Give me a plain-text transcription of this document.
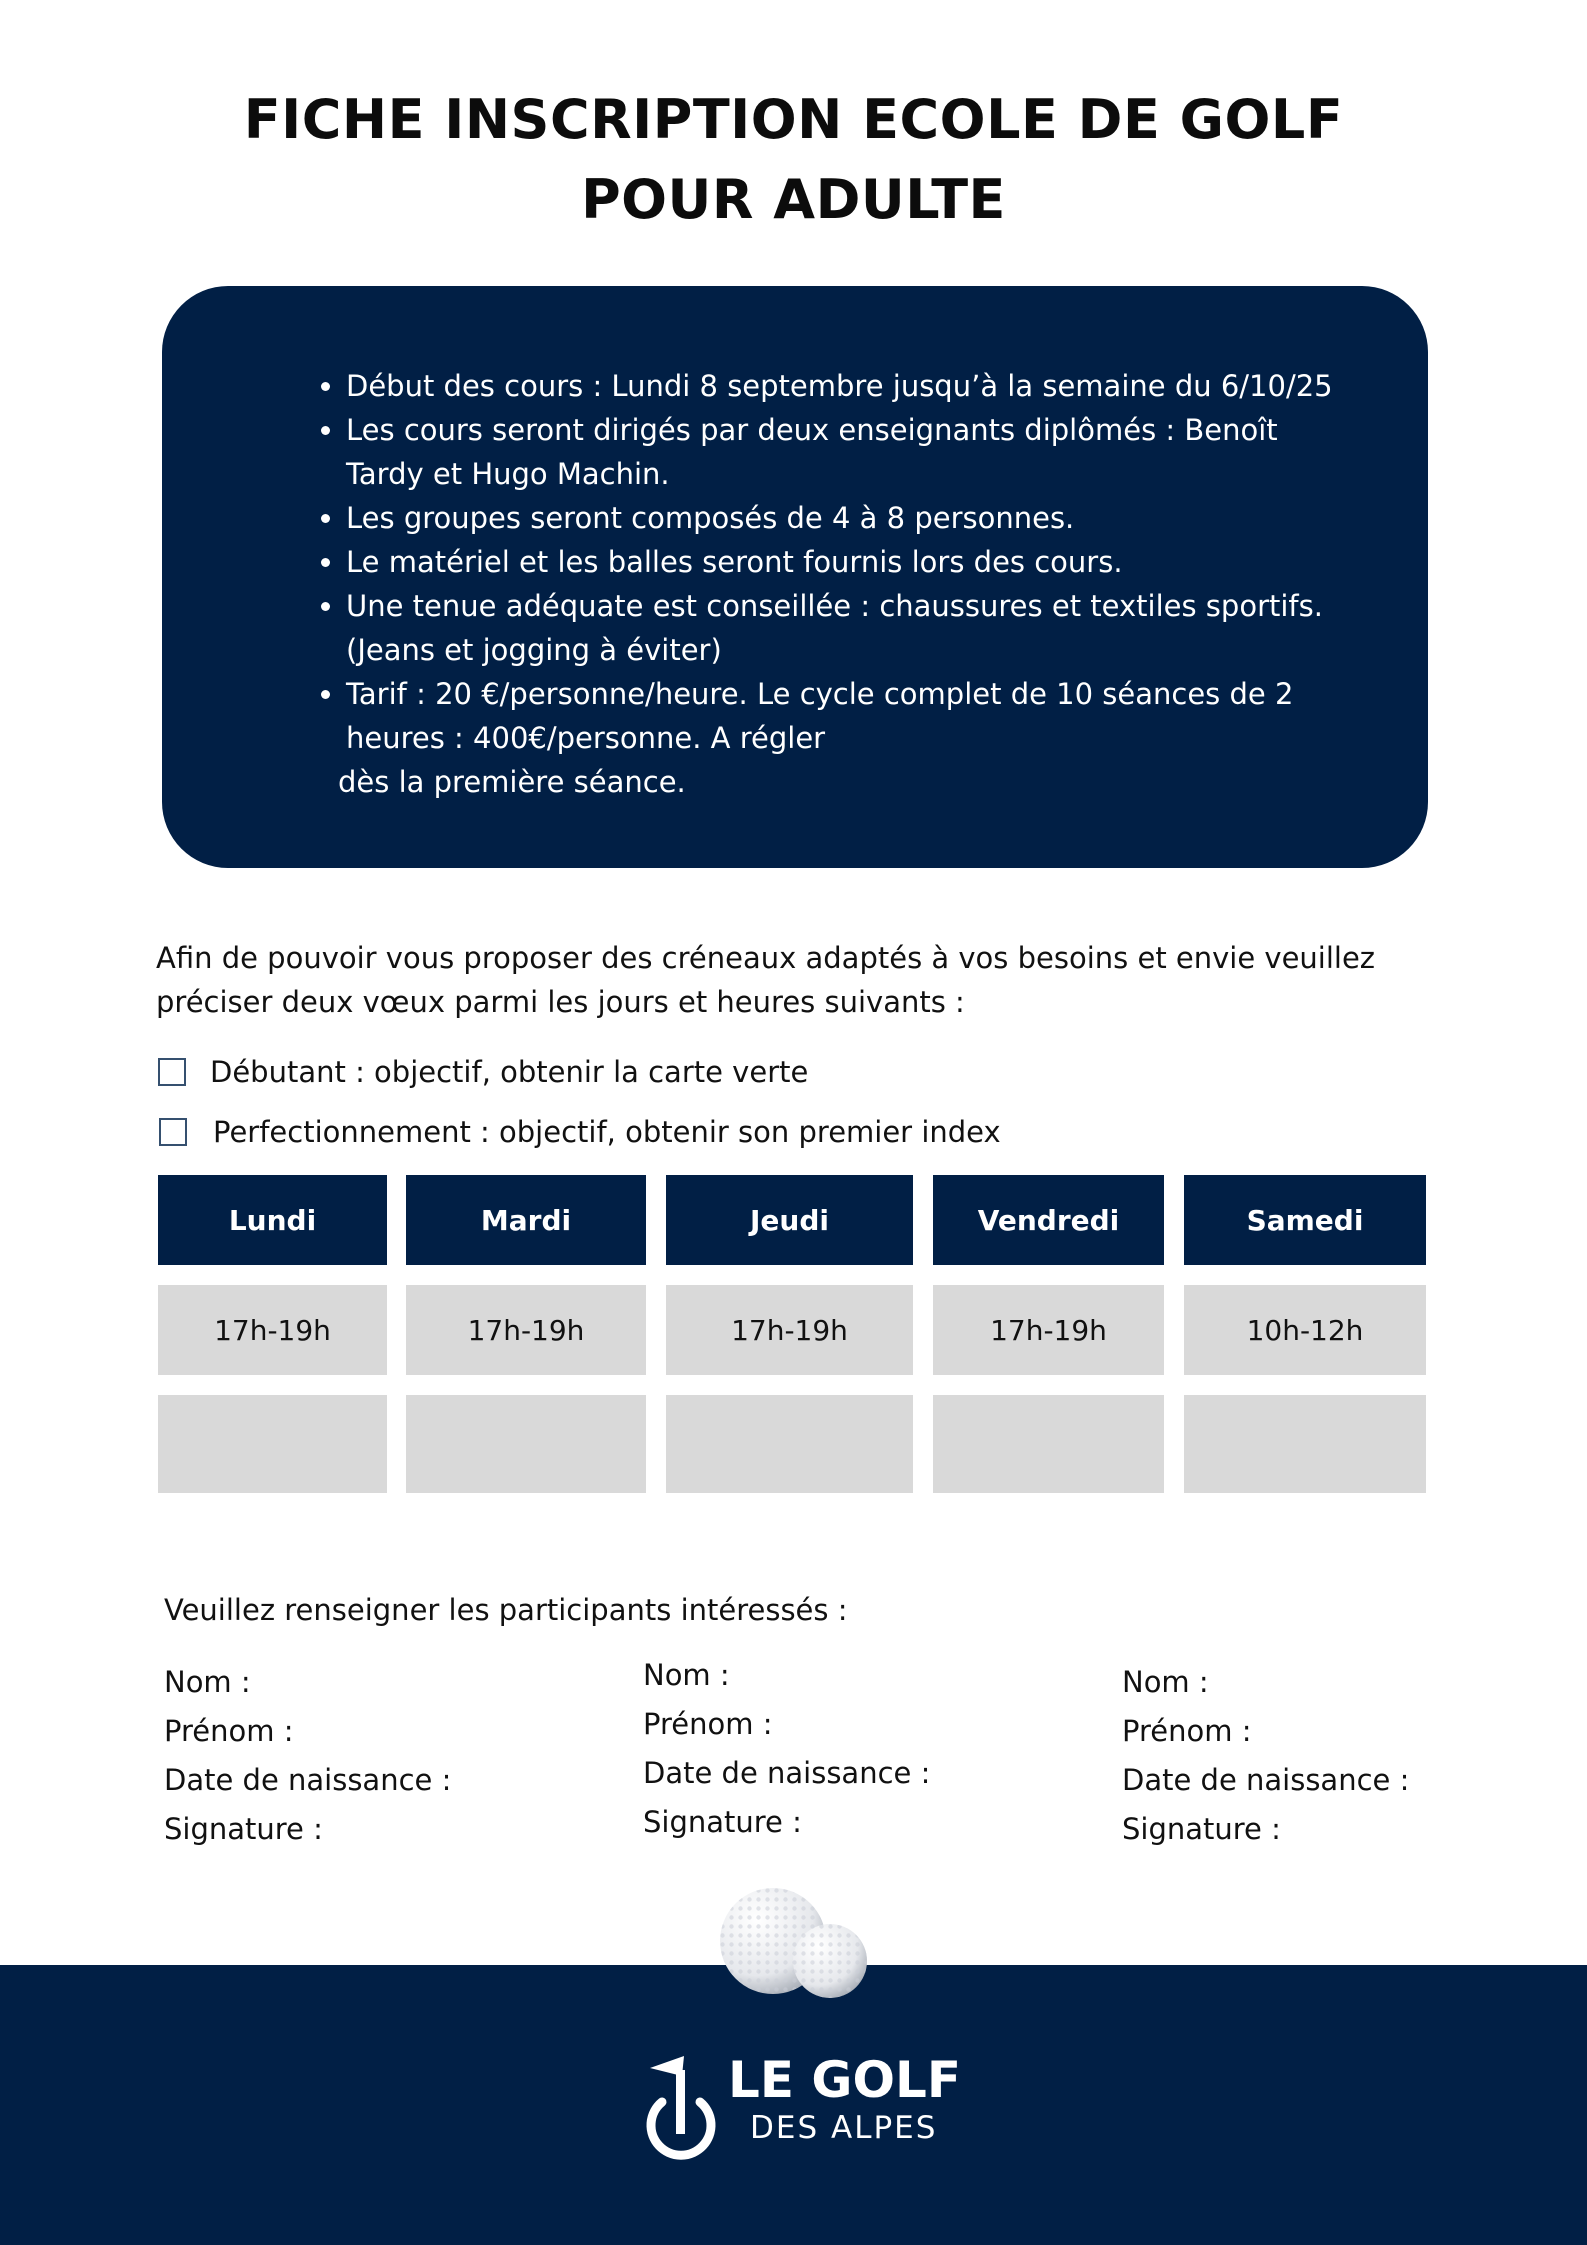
FICHE INSCRIPTION ECOLE DE GOLF
POUR ADULTE
• Début des cours : Lundi 8 septembre jusqu’à la semaine du 6/10/25
• Les cours seront dirigés par deux enseignants diplômés : Benoît Tardy et Hugo Machin.
• Les groupes seront composés de 4 à 8 personnes.
• Le matériel et les balles seront fournis lors des cours.
• Une tenue adéquate est conseillée : chaussures et textiles sportifs. (Jeans et jogging à éviter)
• Tarif : 20 €/personne/heure. Le cycle complet de 10 séances de 2 heures : 400€/personne. A régler
dès la première séance.
Afin de pouvoir vous proposer des créneaux adaptés à vos besoins et envie veuillez préciser deux vœux parmi les jours et heures suivants :
Débutant : objectif, obtenir la carte verte
Perfectionnement : objectif, obtenir son premier index
Lundi
17h-19h
Mardi
17h-19h
Jeudi
17h-19h
Vendredi
17h-19h
Samedi
10h-12h
Veuillez renseigner les participants intéressés :
Nom :
Prénom :
Date de naissance :
Signature :
Nom :
Prénom :
Date de naissance :
Signature :
Nom :
Prénom :
Date de naissance :
Signature :
LE GOLF
DES ALPES
